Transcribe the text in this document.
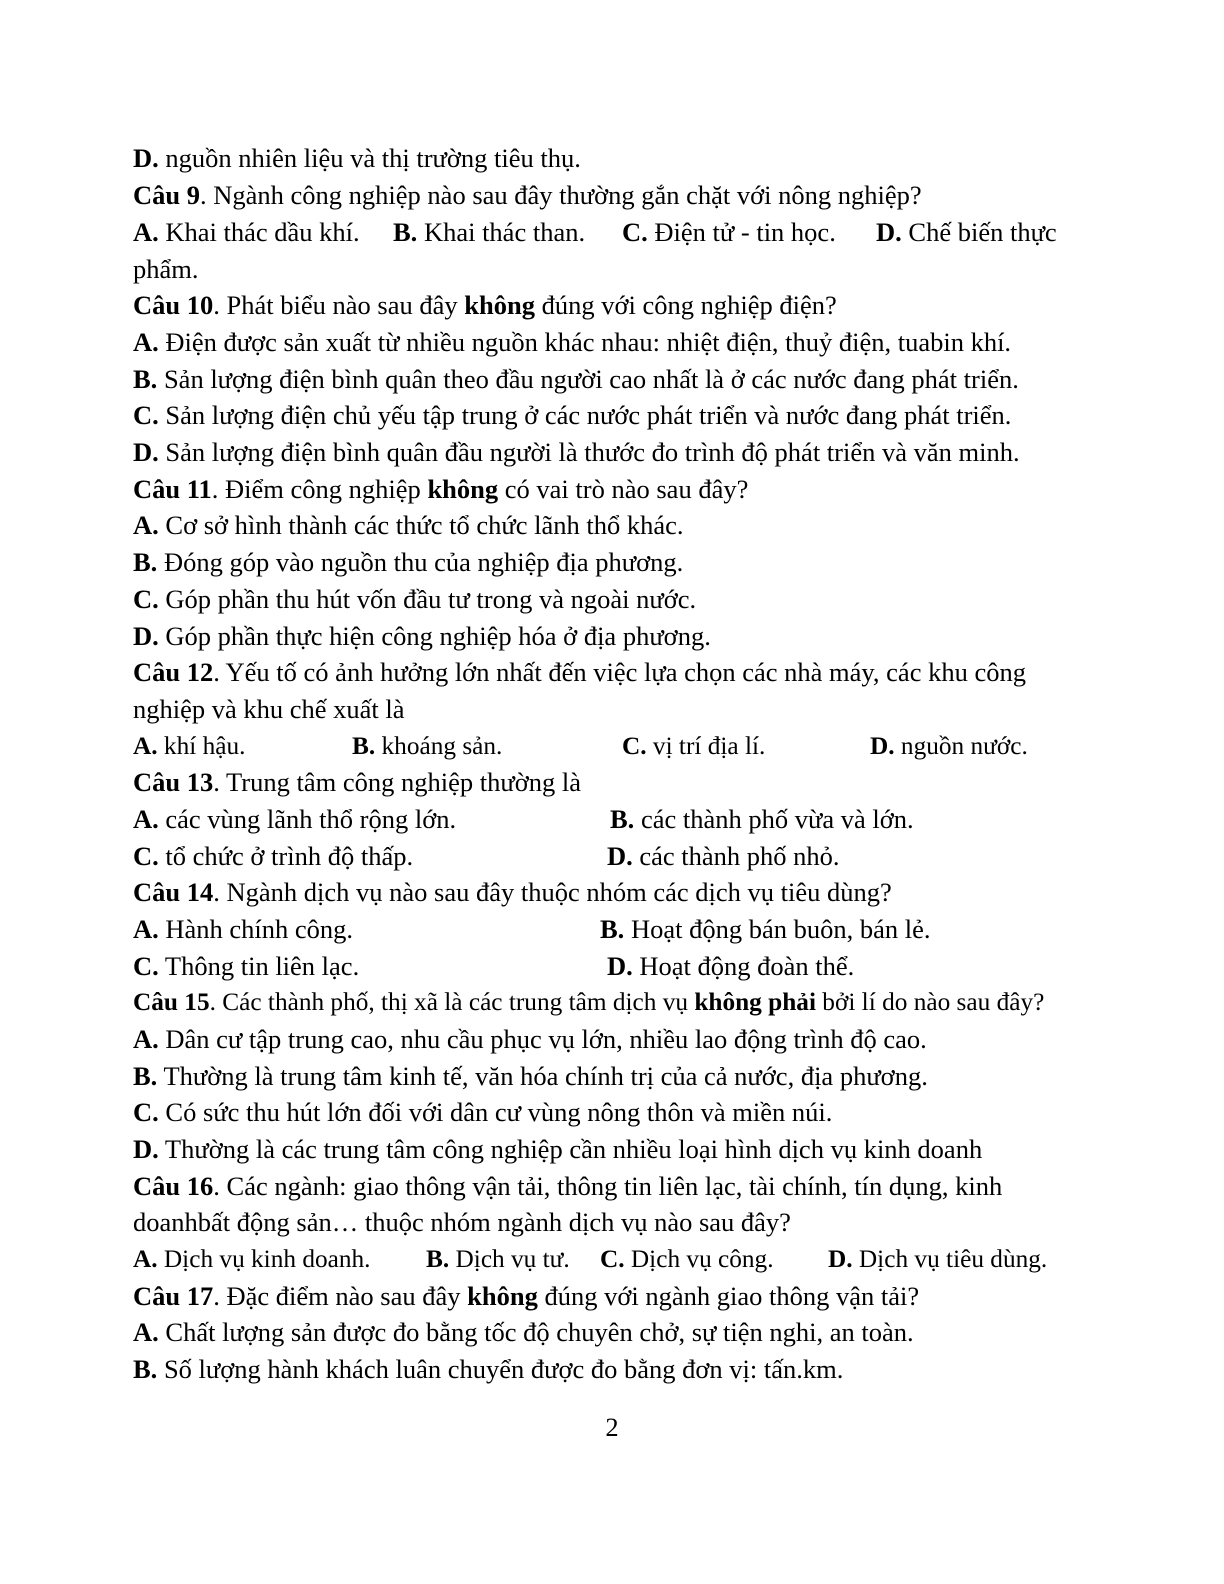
D. nguồn nhiên liệu và thị trường tiêu thụ.
Câu 9. Ngành công nghiệp nào sau đây thường gắn chặt với nông nghiệp?
A. Khai thác dầu khí. B. Khai thác than. C. Điện tử - tin học. D. Chế biến thực
phẩm.
Câu 10. Phát biểu nào sau đây không đúng với công nghiệp điện?
A. Điện được sản xuất từ nhiều nguồn khác nhau: nhiệt điện, thuỷ điện, tuabin khí.
B. Sản lượng điện bình quân theo đầu người cao nhất là ở các nước đang phát triển.
C. Sản lượng điện chủ yếu tập trung ở các nước phát triển và nước đang phát triển.
D. Sản lượng điện bình quân đầu người là thước đo trình độ phát triển và văn minh.
Câu 11. Điểm công nghiệp không có vai trò nào sau đây?
A. Cơ sở hình thành các thức tổ chức lãnh thổ khác.
B. Đóng góp vào nguồn thu của nghiệp địa phương.
C. Góp phần thu hút vốn đầu tư trong và ngoài nước.
D. Góp phần thực hiện công nghiệp hóa ở địa phương.
Câu 12. Yếu tố có ảnh hưởng lớn nhất đến việc lựa chọn các nhà máy, các khu công
nghiệp và khu chế xuất là
A. khí hậu.	B. khoáng sản.	C. vị trí địa lí.	D. nguồn nước.
Câu 13. Trung tâm công nghiệp thường là
A. các vùng lãnh thổ rộng lớn.	B. các thành phố vừa và lớn.
C. tổ chức ở trình độ thấp.	D. các thành phố nhỏ.
Câu 14. Ngành dịch vụ nào sau đây thuộc nhóm các dịch vụ tiêu dùng?
A. Hành chính công.	B. Hoạt động bán buôn, bán lẻ.
C. Thông tin liên lạc.	D. Hoạt động đoàn thể.
Câu 15. Các thành phố, thị xã là các trung tâm dịch vụ không phải bởi lí do nào sau đây?
A. Dân cư tập trung cao, nhu cầu phục vụ lớn, nhiều lao động trình độ cao.
B. Thường là trung tâm kinh tế, văn hóa chính trị của cả nước, địa phương.
C. Có sức thu hút lớn đối với dân cư vùng nông thôn và miền núi.
D. Thường là các trung tâm công nghiệp cần nhiều loại hình dịch vụ kinh doanh
Câu 16. Các ngành: giao thông vận tải, thông tin liên lạc, tài chính, tín dụng, kinh
doanhbất động sản… thuộc nhóm ngành dịch vụ nào sau đây?
A. Dịch vụ kinh doanh. B. Dịch vụ tư. C. Dịch vụ công. D. Dịch vụ tiêu dùng.
Câu 17. Đặc điểm nào sau đây không đúng với ngành giao thông vận tải?
A. Chất lượng sản được đo bằng tốc độ chuyên chở, sự tiện nghi, an toàn.
B. Số lượng hành khách luân chuyển được đo bằng đơn vị: tấn.km.
2
